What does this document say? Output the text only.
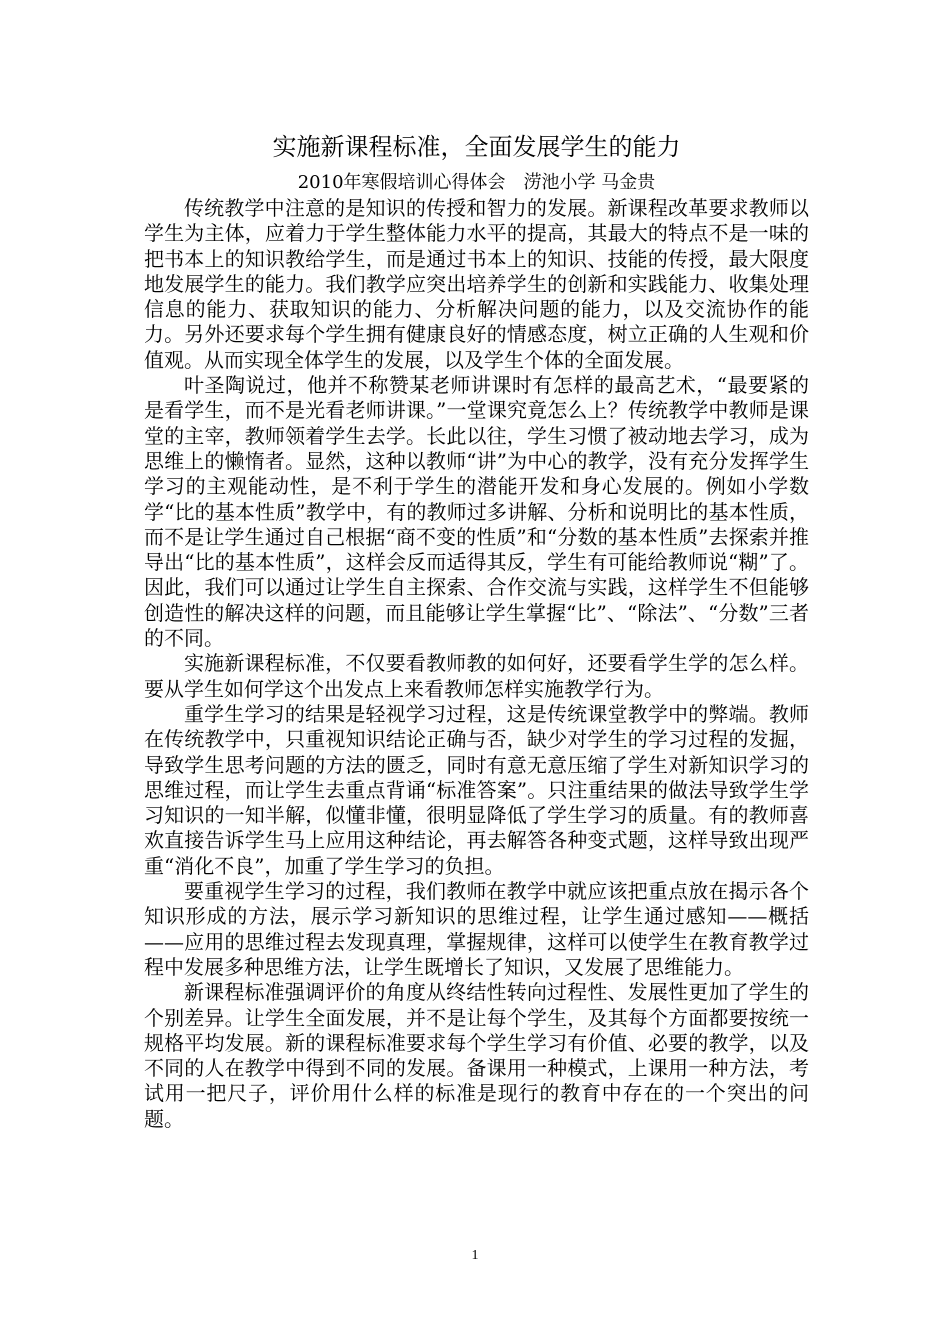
实施新课程标准，全面发展学生的能力

2010年寒假培训心得体会　涝池小学 马金贵

传统教学中注意的是知识的传授和智力的发展。新课程改革要求教师以学生为主体，应着力于学生整体能力水平的提高，其最大的特点不是一味的把书本上的知识教给学生，而是通过书本上的知识、技能的传授，最大限度地发展学生的能力。我们教学应突出培养学生的创新和实践能力、收集处理信息的能力、获取知识的能力、分析解决问题的能力，以及交流协作的能力。另外还要求每个学生拥有健康良好的情感态度，树立正确的人生观和价值观。从而实现全体学生的发展，以及学生个体的全面发展。

叶圣陶说过，他并不称赞某老师讲课时有怎样的最高艺术，“最要紧的是看学生，而不是光看老师讲课。”一堂课究竟怎么上？传统教学中教师是课堂的主宰，教师领着学生去学。长此以往，学生习惯了被动地去学习，成为思维上的懒惰者。显然，这种以教师“讲”为中心的教学，没有充分发挥学生学习的主观能动性，是不利于学生的潜能开发和身心发展的。例如小学数学“比的基本性质”教学中，有的教师过多讲解、分析和说明比的基本性质，而不是让学生通过自己根据“商不变的性质”和“分数的基本性质”去探索并推导出“比的基本性质”，这样会反而适得其反，学生有可能给教师说“糊”了。因此，我们可以通过让学生自主探索、合作交流与实践，这样学生不但能够创造性的解决这样的问题，而且能够让学生掌握“比”、“除法”、“分数”三者的不同。

实施新课程标准，不仅要看教师教的如何好，还要看学生学的怎么样。要从学生如何学这个出发点上来看教师怎样实施教学行为。

重学生学习的结果是轻视学习过程，这是传统课堂教学中的弊端。教师在传统教学中，只重视知识结论正确与否，缺少对学生的学习过程的发掘，导致学生思考问题的方法的匮乏，同时有意无意压缩了学生对新知识学习的思维过程，而让学生去重点背诵“标准答案”。只注重结果的做法导致学生学习知识的一知半解，似懂非懂，很明显降低了学生学习的质量。有的教师喜欢直接告诉学生马上应用这种结论，再去解答各种变式题，这样导致出现严重“消化不良”，加重了学生学习的负担。

要重视学生学习的过程，我们教师在教学中就应该把重点放在揭示各个知识形成的方法，展示学习新知识的思维过程，让学生通过感知——概括——应用的思维过程去发现真理，掌握规律，这样可以使学生在教育教学过程中发展多种思维方法，让学生既增长了知识，又发展了思维能力。

新课程标准强调评价的角度从终结性转向过程性、发展性更加了学生的个别差异。让学生全面发展，并不是让每个学生，及其每个方面都要按统一规格平均发展。新的课程标准要求每个学生学习有价值、必要的教学，以及不同的人在教学中得到不同的发展。备课用一种模式，上课用一种方法，考试用一把尺子，评价用什么样的标准是现行的教育中存在的一个突出的问题。

1
